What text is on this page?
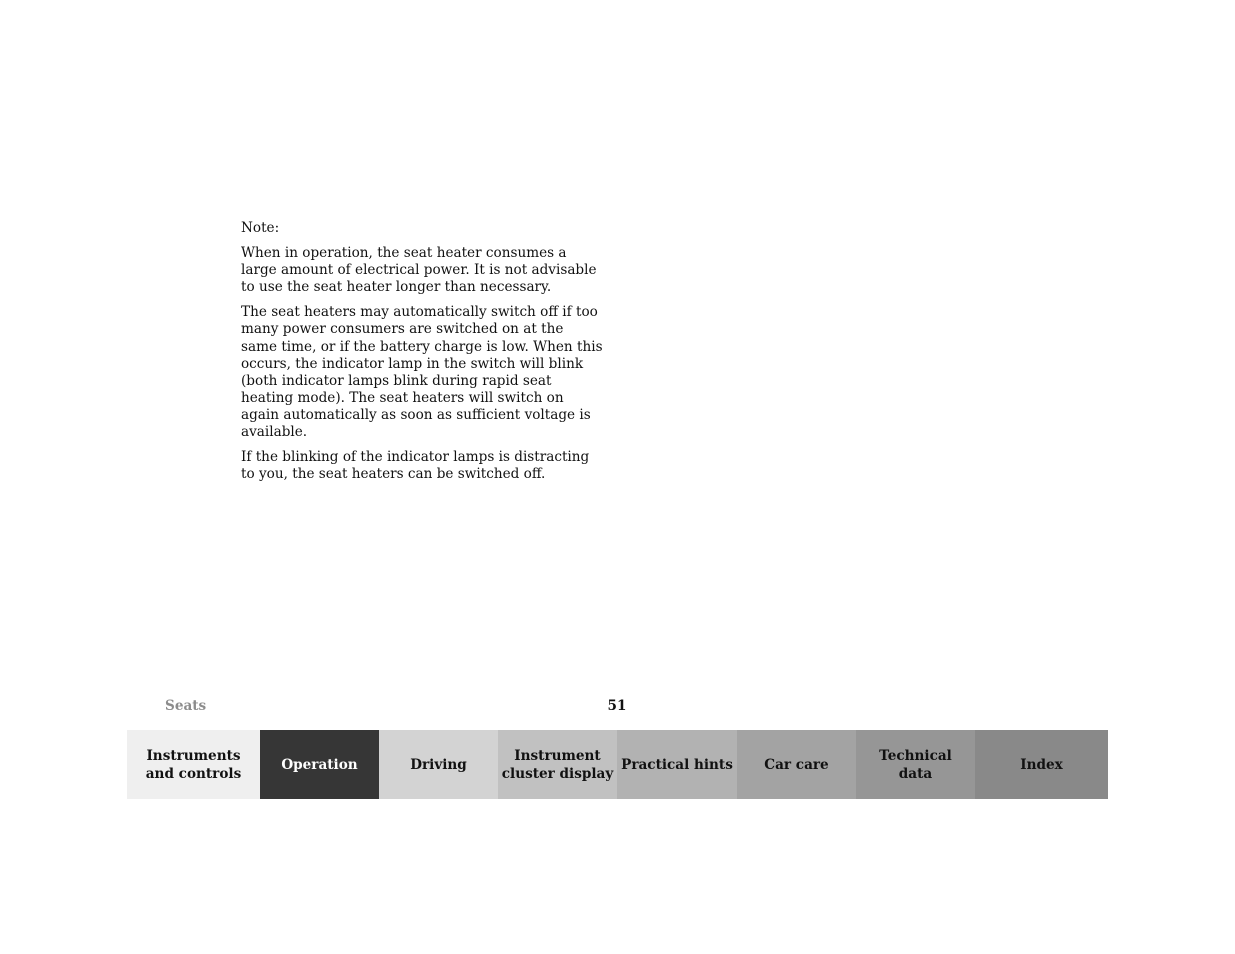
Note:

When in operation, the seat heater consumes a large amount of electrical power. It is not advisable to use the seat heater longer than necessary.

The seat heaters may automatically switch off if too many power consumers are switched on at the same time, or if the battery charge is low. When this occurs, the indicator lamp in the switch will blink (both indicator lamps blink during rapid seat heating mode). The seat heaters will switch on again automatically as soon as sufficient voltage is available.

If the blinking of the indicator lamps is distracting to you, the seat heaters can be switched off.

Seats	51
Instruments
and controls
Operation	Driving
Instrument
cluster display
Practical hints Car care
Technical
data
Index
